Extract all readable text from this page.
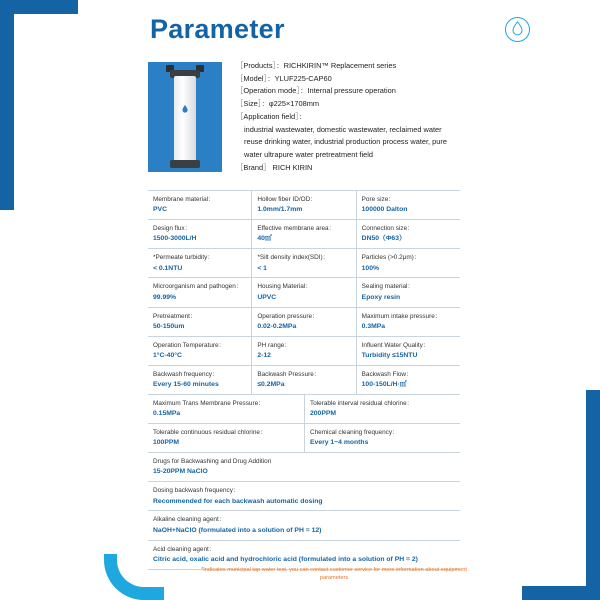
Parameter
［Products］：RICHKIRIN™ Replacement series
［Model］：YLUF225-CAP60
［Operation mode］：Internal pressure operation
［Size］：φ225×1708mm
［Application field］：
industrial wastewater, domestic wastewater, reclaimed water reuse drinking water, industrial production process water, pure water ultrapure water pretreatment field
［Brand］ RICH KIRIN
Membrane material：
PVC
Hollow fiber ID/OD：
1.0mm/1.7mm
Pore size：
100000 Dalton
Design flux：
1500-3000L/H
Effective membrane area：
40㎡
Connection size：
DN50（Φ63）
*Permeate turbidity：
< 0.1NTU
*Silt density index(SDI)：
< 1
Particles (>0.2μm)：
100%
Microorganism and pathogen：
99.99%
Housing Material：
UPVC
Sealing material：
Epoxy resin
Pretreatment：
50-150um
Operation pressure：
0.02-0.2MPa
Maximum intake pressure：
0.3MPa
Operation Temperature：
1°C-40°C
PH range：
2-12
Influent Water Quality：
Turbidity ≤15NTU
Backwash frequency：
Every 15-60 minutes
Backwash Pressure：
≤0.2MPa
Backwash Flow：
100-150L/H·㎡
Maximum Trans Membrane Pressure：
0.15MPa
Tolerable interval residual chlorine：
200PPM
Tolerable continuous residual chlorine：
100PPM
Chemical cleaning frequency：
Every 1~4 months
Drugs for Backwashing and Drug Addition
15-20PPM NaClO
Dosing backwash frequency：
Recommended for each backwash automatic dosing
Alkaline cleaning agent：
NaOH+NaClO (formulated into a solution of PH = 12)
Acid cleaning agent：
Citric acid, oxalic acid and hydrochloric acid (formulated into a solution of PH = 2)
*Indicates municipal tap water test, you can contact customer service for more information about equipment parameters
